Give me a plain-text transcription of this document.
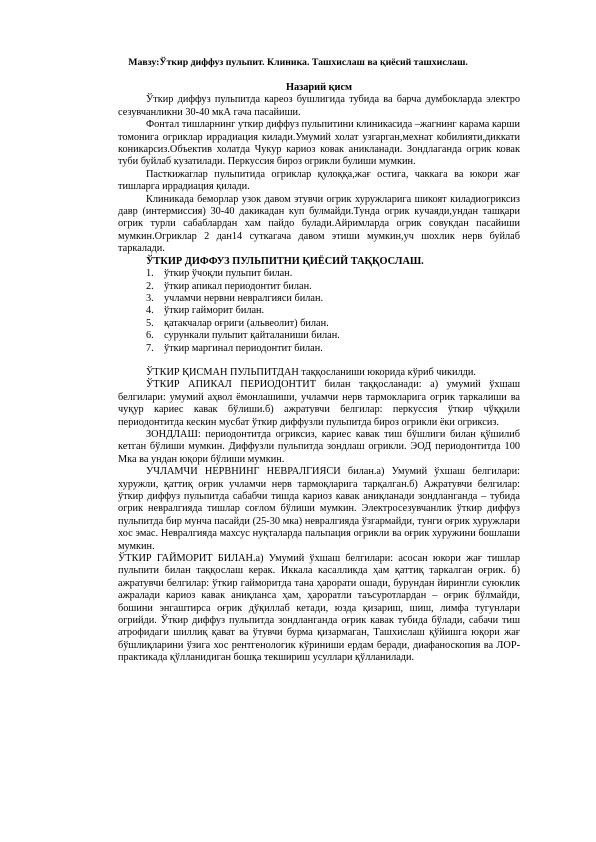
Мавзу:Ўткир диффуз пульпит. Клиника. Ташхислаш ва қиёсий ташхислаш.

Назарий қисм

Ўткир диффуз пульпитда кареоз бушлигида тубида ва барча думбокларда электро сезувчанликни 30-40 мкА гача пасайиши.

Фонтал тишларнинг уткир диффуз пульпитини клиникасида –жагнинг карама карши томонига огриклар иррадиация килади.Умумий холат узгарган,мехнат кобилияти,диккати коникарсиз.Объектив холатда Чукур кариоз ковак аникланади. Зондлаганда огрик ковак туби буйлаб кузатилади. Перкуссия бироз огрикли булиши мумкин.

Пасткижаглар пульпитида огриклар қулоққа,жағ остига, чаккага ва юкори жағ тишларга иррадиация қилади.

Клиникада беморлар узок давом этувчи огрик хуружларига шикоят киладиогриксиз давр (интермиссия) 30-40 дакикадан куп булмайди.Тунда огрик кучаяди,ундан ташқари огрик турли сабаблардан хам пайдо булади.Айримларда огрик совукдан пасайиши мумкин.Огриклар 2 дан14 суткагача давом этиши мумкин,уч шохлик нерв буйлаб таркалади.

ЎТКИР ДИФФУЗ ПУЛЬПИТНИ ҚИЁСИЙ ТАҚҚОСЛАШ.

1. ўткир ўчоқли пульпит билан.
2. ўткир апикал периодонтит билан.
3. учламчи нервни невралгияси билан.
4. ўткир гайморит билан.
5. қатакчалар оғриги (альвеолит) билан.
6. сурункали пульпит қайталаниши билан.
7. ўткир маргинал периодонтит билан.

ЎТКИР ҚИСМАН ПУЛЬПИТДАН таққосланиши юкорида кўриб чикилди.

ЎТКИР АПИКАЛ ПЕРИОДОНТИТ билан таққосланади: а) умумий ўхшаш белгилари: умумий аҳвол ёмонлашиши, учламчи нерв тармокларига огрик таркалиши ва чуқур кариес кавак бўлиши.б) ажратувчи белгилар: перкуссия ўткир чўққили периодонтитда кескин мусбат ўткир диффузли пульпитда бироз огрикли ёки огриксиз.

ЗОНДЛАШ: периодонтитда огриксиз, кариес кавак тиш бўшлиги билан қўшилиб кетган бўлиши мумкин. Диффузли пульпитда зондлаш огрикли. ЭОД периодонтитда 100 Мка ва ундан юқори бўлиши мумкин.

УЧЛАМЧИ НЕРВНИНГ НЕВРАЛГИЯСИ билан.а) Умумий ўхшаш белгилари: хуружли, қаттиқ оғрик учламчи нерв тармоқларига тарқалган.б) Ажратувчи белгилар: ўткир диффуз пульпитда сабабчи тишда кариоз кавак аниқланади зондланганда – тубида огрик невралгияда тишлар соғлом бўлиши мумкин. Электросезувчанлик ўткир диффуз пульпитда бир мунча пасайди (25-30 мка) невралгияда ўзгармайди, тунги оғрик хуружлари хос эмас. Невралгияда махсус нуқталарда пальпация огрикли ва оғрик хуружини бошлаши мумкин.

ЎТКИР ГАЙМОРИТ БИЛАН.а) Умумий ўхшаш белгилари: асосан юкори жағ тишлар пульпити билан таққослаш керак. Иккала касалликда ҳам қаттиқ таркалган оғрик. б) ажратувчи белгилар: ўткир гайморитда тана ҳарорати ошади, бурундан йирингли суюклик ажралади кариоз кавак аниқланса ҳам, ҳароратли таъсуротлардан – оғрик бўлмайди, бошини энгаштирса оғрик дўқиллаб кетади, юзда қизариш, шиш, лимфа тугунлари огрийди. Ўткир диффуз пульпитда зондланганда оғрик кавак тубида бўлади, сабачи тиш атрофидаги шиллиқ қават ва ўтувчи бурма қизармаган, Ташхислаш қўйишга юқори жағ бўшлиқларини ўзига хос рентгенологик кўриниши ердам беради, диафаноскопия ва ЛОР-практикада қўлланидиган бошқа текшириш усуллари қўлланилади.
